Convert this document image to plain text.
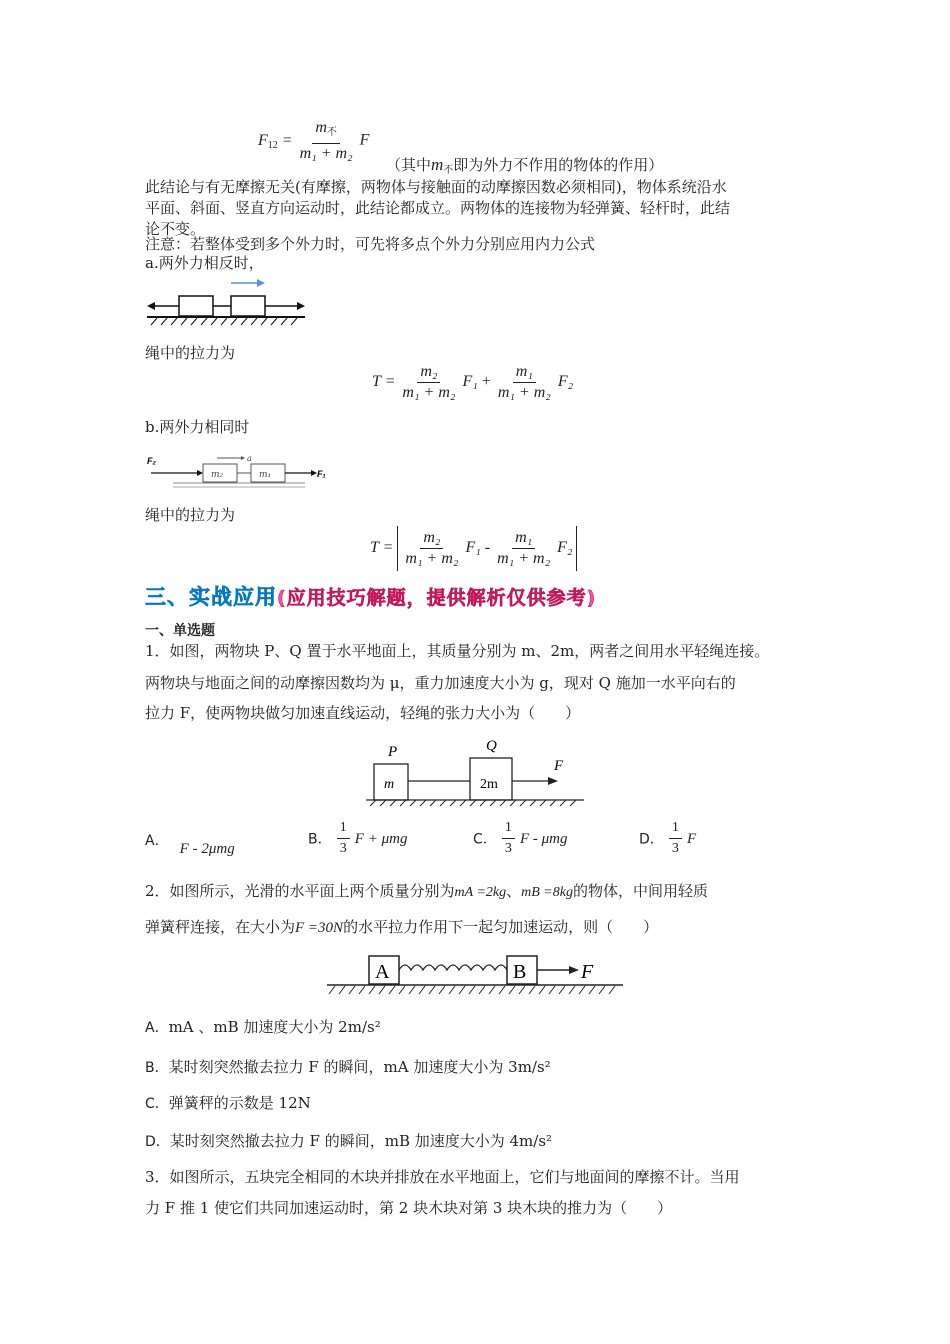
$F_{12} = \frac{m_不}{\text{m₁ + m₂}}$ F
（其中$m_不$即为外力不作用的物体的作用）
此结论与有无摩擦无关(有摩擦，两物体与接触面的动摩擦因数必须相同)，物体系统沿水
平面、斜面、竖直方向运动时，此结论都成立。两物体的连接物为轻弹簧、轻杆时，此结
论不变。
注意：若整体受到多个外力时，可先将多点个外力分别应用内力公式
a.两外力相反时，
绳中的拉力为
$T = \frac{\text{m₂}}{\text{m₁ + m₂}} F_1 + \frac{\text{m₁}}{\text{m₁ + m₂}} F_2$
b.两外力相同时
F₂
m₂
a
m₁	F₁
绳中的拉力为
$T = \frac{\text{m₂}}{\text{m₁ + m₂}} F_1 - \frac{\text{m₁}}{\text{m₁ + m₂}} F_2$
三、实战应用(应用技巧解题，提供解析仅供参考)
一、单选题
1．如图，两物块 P、Q 置于水平地面上，其质量分别为 m、2m，两者之间用水平轻绳连接。
两物块与地面之间的动摩擦因数均为 μ，重力加速度大小为 g，现对 Q 施加一水平向右的
拉力 F，使两物块做匀加速直线运动，轻绳的张力大小为（　　）
P	Q
m	2m
F
A． F - 2μmg
B． $\frac{1}{3}$ F + μmg	C． $\frac{1}{3}$ F - μmg	D． $\frac{1}{3}$ F
2．如图所示，光滑的水平面上两个质量分别为mA =2kg、mB =8kg的物体，中间用轻质
弹簧秤连接，在大小为F =30N的水平拉力作用下一起匀加速运动，则（　　）
A	B	F
A．mA 、mB 加速度大小为 2m/s²
B．某时刻突然撤去拉力 F 的瞬间，mA 加速度大小为 3m/s²
C．弹簧秤的示数是 12N
D．某时刻突然撤去拉力 F 的瞬间，mB 加速度大小为 4m/s²
3．如图所示，五块完全相同的木块并排放在水平地面上，它们与地面间的摩擦不计。当用
力 F 推 1 使它们共同加速运动时，第 2 块木块对第 3 块木块的推力为（　　）
